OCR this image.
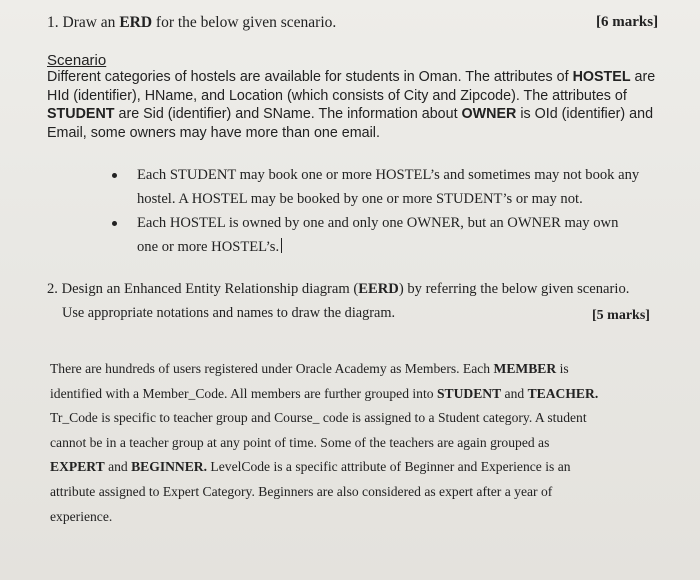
1. Draw an ERD for the below given scenario.	[6 marks]
Scenario

Different categories of hostels are available for students in Oman. The attributes of HOSTEL are

HId (identifier), HName, and Location (which consists of City and Zipcode). The attributes of

STUDENT are Sid (identifier) and SName. The information about OWNER is OId (identifier) and

Email, some owners may have more than one email.

Each STUDENT may book one or more HOSTEL’s and sometimes may not book any
hostel. A HOSTEL may be booked by one or more STUDENT’s or may not.
Each HOSTEL is owned by one and only one OWNER, but an OWNER may own
one or more HOSTEL’s.
2. Design an Enhanced Entity Relationship diagram (EERD) by referring the below given scenario.
Use appropriate notations and names to draw the diagram.	[5 marks]
There are hundreds of users registered under Oracle Academy as Members. Each MEMBER is
identified with a Member_Code. All members are further grouped into STUDENT and TEACHER.
Tr_Code is specific to teacher group and Course_ code is assigned to a Student category. A student
cannot be in a teacher group at any point of time. Some of the teachers are again grouped as
EXPERT and BEGINNER. LevelCode is a specific attribute of Beginner and Experience is an
attribute assigned to Expert Category. Beginners are also considered as expert after a year of
experience.
